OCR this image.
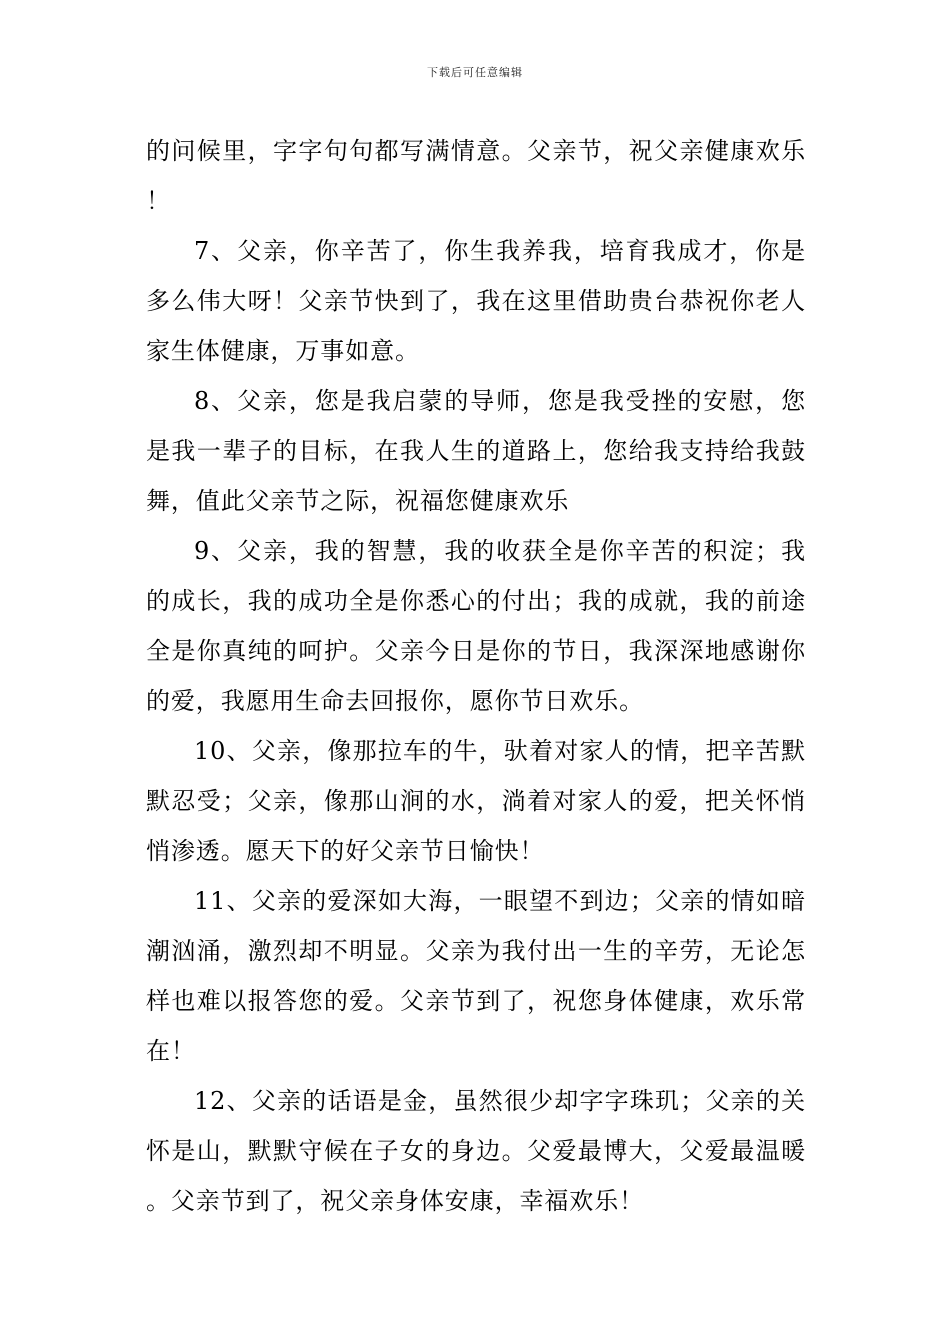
下载后可任意编辑

的问候里，字字句句都写满情意。父亲节，祝父亲健康欢乐！

7、父亲，你辛苦了，你生我养我，培育我成才，你是多么伟大呀！父亲节快到了，我在这里借助贵台恭祝你老人家生体健康，万事如意。

8、父亲，您是我启蒙的导师，您是我受挫的安慰，您是我一辈子的目标，在我人生的道路上，您给我支持给我鼓舞，值此父亲节之际，祝福您健康欢乐

9、父亲，我的智慧，我的收获全是你辛苦的积淀；我的成长，我的成功全是你悉心的付出；我的成就，我的前途全是你真纯的呵护。父亲今日是你的节日，我深深地感谢你的爱，我愿用生命去回报你，愿你节日欢乐。

10、父亲，像那拉车的牛，驮着对家人的情，把辛苦默默忍受；父亲，像那山涧的水，淌着对家人的爱，把关怀悄悄渗透。愿天下的好父亲节日愉快！

11、父亲的爱深如大海，一眼望不到边；父亲的情如暗潮汹涌，激烈却不明显。父亲为我付出一生的辛劳，无论怎样也难以报答您的爱。父亲节到了，祝您身体健康，欢乐常在！

12、父亲的话语是金，虽然很少却字字珠玑；父亲的关怀是山，默默守候在子女的身边。父爱最博大，父爱最温暖。父亲节到了，祝父亲身体安康，幸福欢乐！
